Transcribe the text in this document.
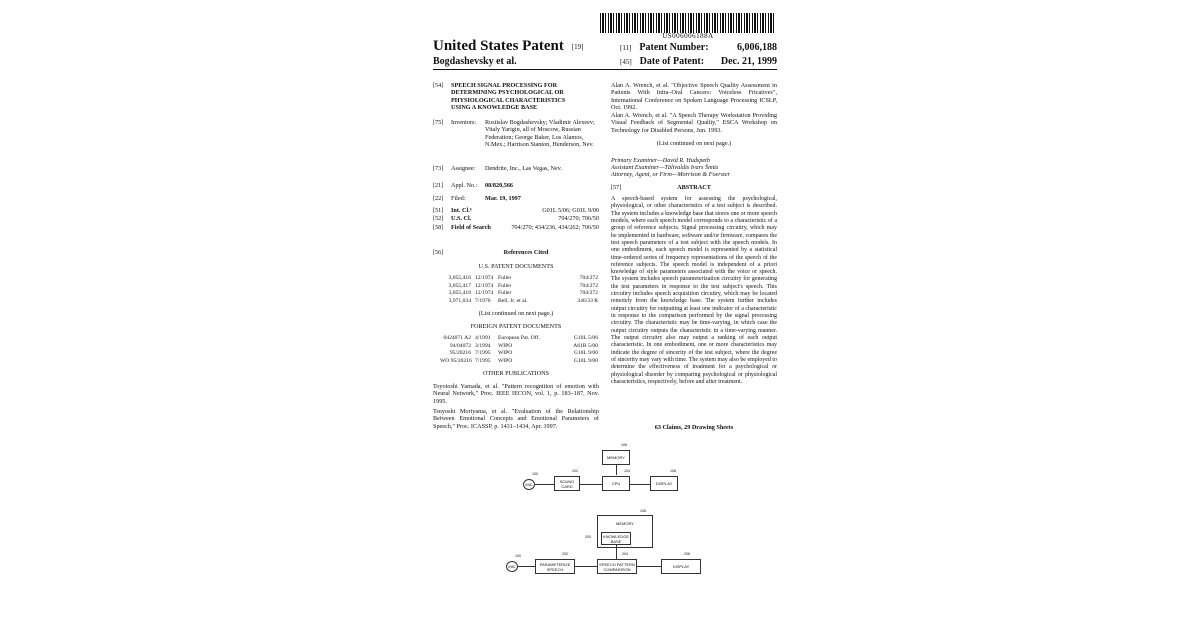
US006006188A
United States Patent [19]
Bogdashevsky et al.
[11] Patent Number:	6,006,188
[45] Date of Patent: Dec. 21, 1999
[54] SPEECH SIGNAL PROCESSING FOR DETERMINING PSYCHOLOGICAL OR PHYSIOLOGICAL CHARACTERISTICS USING A KNOWLEDGE BASE
[75] Inventors: Rostislav Bogdashevsky; Vladimir Alexeev; Vitaly Yarigin, all of Moscow, Russian Federation; George Baker, Los Alamos, N.Mex.; Harrison Stanton, Henderson, Nev.
[73] Assignee: Dendrite, Inc., Las Vegas, Nev.
[21] Appl. No.: 08/820,566
[22] Filed:	Mar. 19, 1997
[51] Int. Cl.⁶	G01L 5/06; G01L 9/00
[52] U.S. Cl.	704/270; 706/50
[58] Field of Search	704/270; 434/236, 434/262; 706/50
[56]	References Cited
U.S. PATENT DOCUMENTS
3,855,416 12/1974 Fuller	704/272
3,855,417 12/1974 Fuller	704/272
3,855,418 12/1974 Fuller	704/272
3,971,034 7/1976	Bell, Jr. et al.	346/33 R
(List continued on next page.)
FOREIGN PATENT DOCUMENTS
0424071 A2 4/1991	European Pat. Off.	G10L 5/06
94/04072 3/1994	WIPO	A61B 5/00
95/20216 7/1995	WIPO	G10L 9/00
WO 95/20216 7/1995	WIPO	G10L 9/00
OTHER PUBLICATIONS
Toyotoshi Yamada, et al. "Pattern recognition of emotion with Neural Network," Proc. IEEE IECON, vol. 1, p. 183–187, Nov. 1995.
Tsuyoshi Moriyama, et al. "Evaluation of the Relationship Between Emotional Concepts and Emotional Parameters of Speech," Proc. ICASSP, p. 1431–1434, Apr. 1997.
Alan A. Wrench, et al. "Objective Speech Quality Assessment in Patients With Intra–Oral Cancers: Voiceless Fricatives", International Conference on Spoken Language Processing ICSLP, Oct. 1992.
Alan A. Wrench, et al. "A Speech Therapy Workstation Providing Visual Feedback of Segmental Quality," ESCA Workshop on Technology for Disabled Persons, Jun. 1993.
(List continued on next page.)
Primary Examiner—David R. Hudspeth
Assistant Examiner—Tālivaldis Ivars Šmits
Attorney, Agent, or Firm—Morrison & Foerster
[57]	ABSTRACT
A speech-based system for assessing the psychological, physiological, or other characteristics of a test subject is described. The system includes a knowledge base that stores one or more speech models, where each speech model corresponds to a characteristic of a group of reference subjects. Signal processing circuitry, which may be implemented in hardware, software and/or firmware, compares the test speech parameters of a test subject with the speech models. In one embodiment, each speech model is represented by a statistical time-ordered series of frequency representations of the speech of the reference subjects. The speech model is independent of a priori knowledge of style parameters associated with the voice or speech. The system includes speech parameterization circuitry for generating the test parameters in response to the test subject's speech. This circuitry includes speech acquisition circuitry, which may be located remotely from the knowledge base. The system further includes output circuitry for outputting at least one indicator of a characteristic in response to the comparison performed by the signal processing circuitry. The characteristic may be time-varying, in which case the output circuitry outputs the characteristic in a time-varying manner. The output circuitry also may output a ranking of each output characteristic. In one embodiment, one or more characteristics may indicate the degree of sincerity of the test subject, where the degree of sincerity may vary with time. The system may also be employed to determine the effectiveness of treatment for a psychological or physiological disorder by comparing psychological or physiological characteristics, respectively, before and after treatment.
63 Claims, 29 Drawing Sheets
MEMORY
106
MIC
100
SOUND CARD
102
CPU
104
DISPLAY
108
MEMORY
106
KNOWLEDGE BASE
200
MIC
100
PARAMETERIZE SPEECH
202
SPEECH PATTERN COMPARISON
204
DISPLAY
206
